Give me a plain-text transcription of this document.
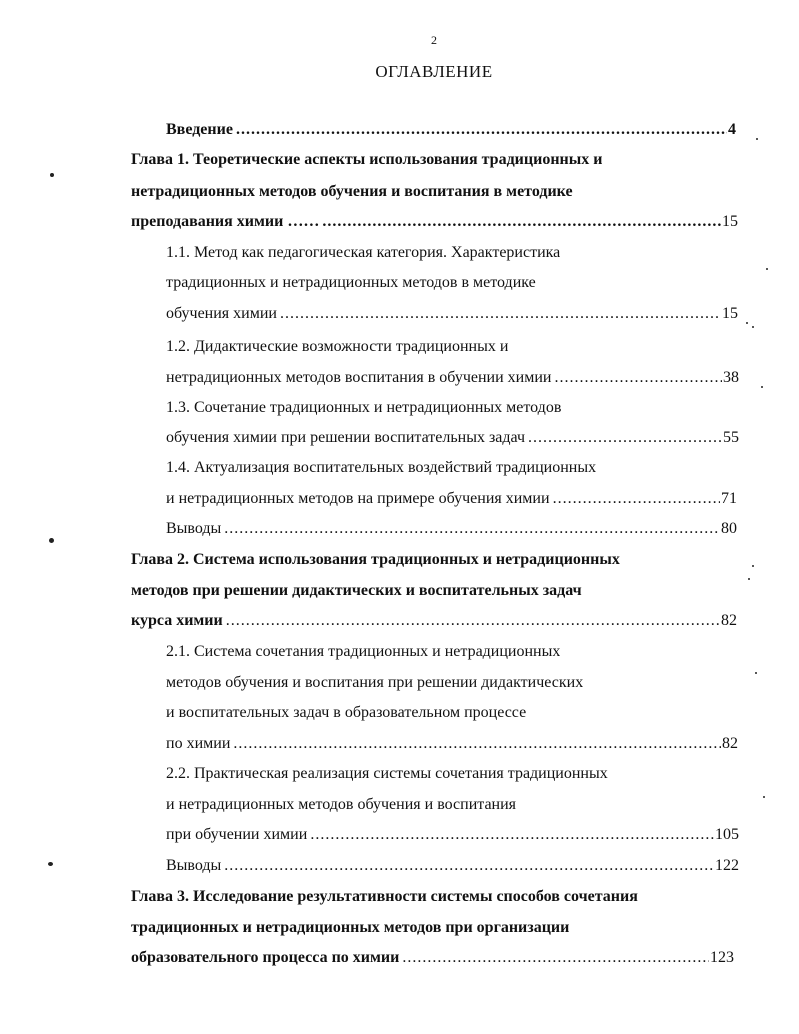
2
ОГЛАВЛЕНИЕ
Введение .....	4
Глава 1. Теоретические аспекты использования традиционных и
нетрадиционных методов обучения и воспитания в методике
преподавания химии …… .....	15
1.1. Метод как педагогическая категория. Характеристика
традиционных и нетрадиционных методов в методике
обучения химии .....	15
1.2. Дидактические возможности традиционных и
нетрадиционных методов воспитания в обучении химии .....	38
1.3. Сочетание традиционных и нетрадиционных методов
обучения химии при решении воспитательных задач .....	55
1.4. Актуализация воспитательных воздействий традиционных
и нетрадиционных методов на примере обучения химии .....	71
Выводы .....	80
Глава 2. Система использования традиционных и нетрадиционных
методов при решении дидактических и воспитательных задач
курса химии .....	82
2.1. Система сочетания традиционных и нетрадиционных
методов обучения и воспитания при решении дидактических
и воспитательных задач в образовательном процессе
по химии .....	82
2.2. Практическая реализация системы сочетания традиционных
и нетрадиционных методов обучения и воспитания
при обучении химии .....	105
Выводы .....	122
Глава 3. Исследование результативности системы способов сочетания
традиционных и нетрадиционных методов при организации
образовательного процесса по химии .....	123
